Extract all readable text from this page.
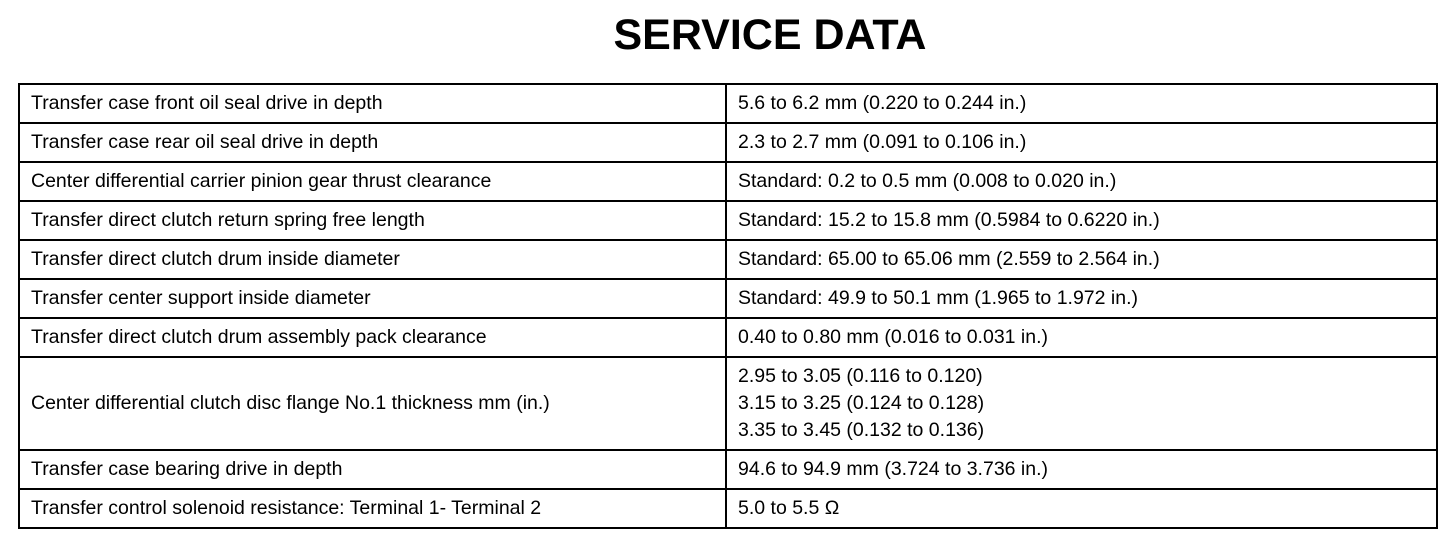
SERVICE DATA
Transfer case front oil seal drive in depth	5.6 to 6.2 mm (0.220 to 0.244 in.)

Transfer case rear oil seal drive in depth	2.3 to 2.7 mm (0.091 to 0.106 in.)

Center differential carrier pinion gear thrust clearance	Standard: 0.2 to 0.5 mm (0.008 to 0.020 in.)

Transfer direct clutch return spring free length	Standard: 15.2 to 15.8 mm (0.5984 to 0.6220 in.)

Transfer direct clutch drum inside diameter	Standard: 65.00 to 65.06 mm (2.559 to 2.564 in.)

Transfer center support inside diameter	Standard: 49.9 to 50.1 mm (1.965 to 1.972 in.)

Transfer direct clutch drum assembly pack clearance	0.40 to 0.80 mm (0.016 to 0.031 in.)

Center differential clutch disc flange No.1 thickness mm (in.)	2.95 to 3.05 (0.116 to 0.120)
3.15 to 3.25 (0.124 to 0.128)
3.35 to 3.45 (0.132 to 0.136)

Transfer case bearing drive in depth	94.6 to 94.9 mm (3.724 to 3.736 in.)

Transfer control solenoid resistance: Terminal 1- Terminal 2	5.0 to 5.5 Ω
